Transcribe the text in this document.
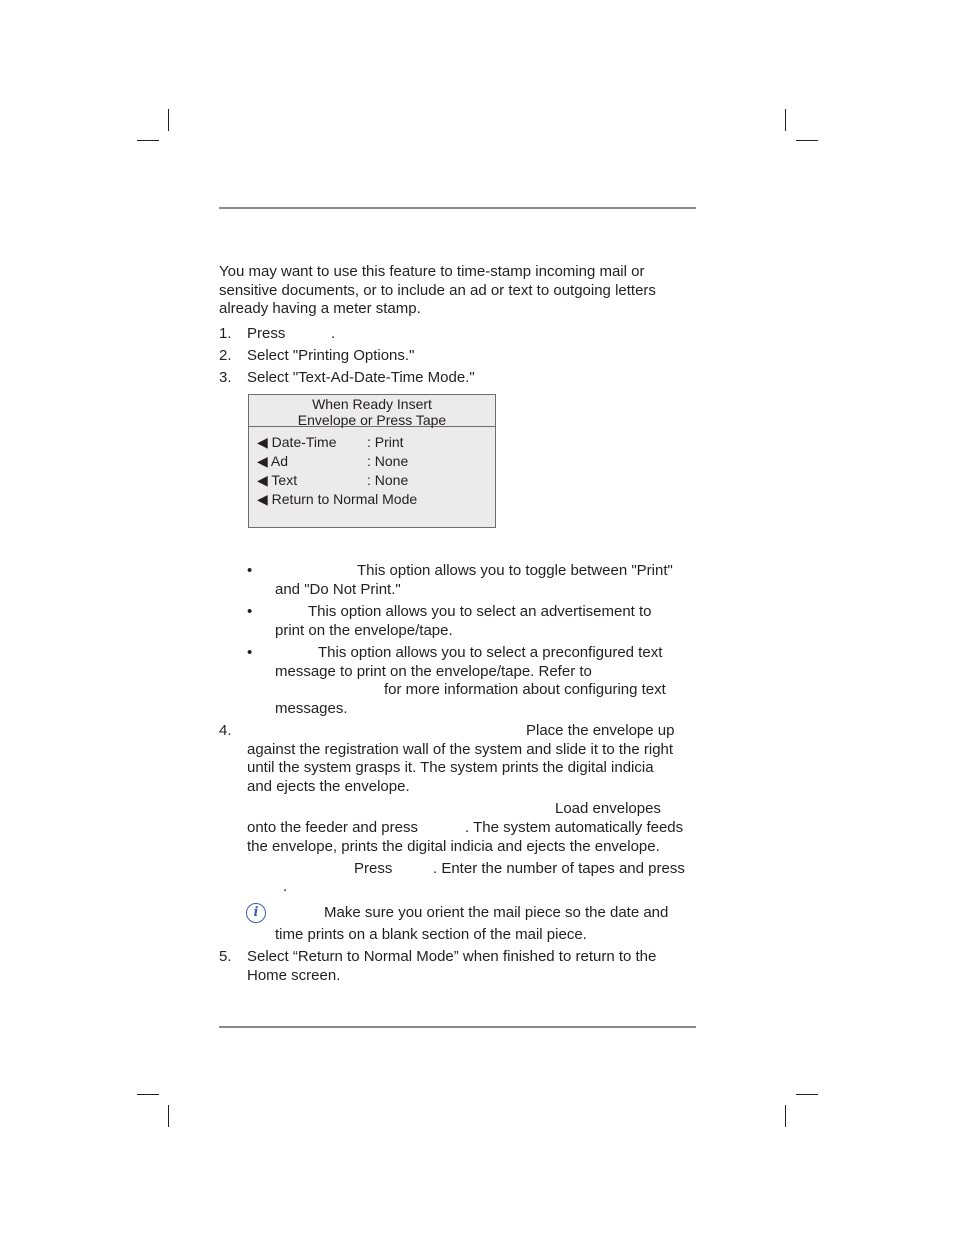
You may want to use this feature to time-stamp incoming mail or
sensitive documents, or to include an ad or text to outgoing letters
already having a meter stamp.
1. Press	.
2. Select "Printing Options."
3. Select "Text-Ad-Date-Time Mode."
When Ready Insert
Envelope or Press Tape
◀ Date-Time : Print
◀ Ad	: None
◀ Text	: None
◀ Return to Normal Mode
•	This option allows you to toggle between "Print"
and "Do Not Print."
•	This option allows you to select an advertisement to
print on the envelope/tape.
•	This option allows you to select a preconfigured text
message to print on the envelope/tape. Refer to
for more information about configuring text
messages.
4.	Place the envelope up
against the registration wall of the system and slide it to the right
until the system grasps it. The system prints the digital indicia
and ejects the envelope.
Load envelopes
onto the feeder and press	. The system automatically feeds
the envelope, prints the digital indicia and ejects the envelope.
Press	. Enter the number of tapes and press
.
i	Make sure you orient the mail piece so the date and
time prints on a blank section of the mail piece.
5. Select “Return to Normal Mode” when finished to return to the
Home screen.
